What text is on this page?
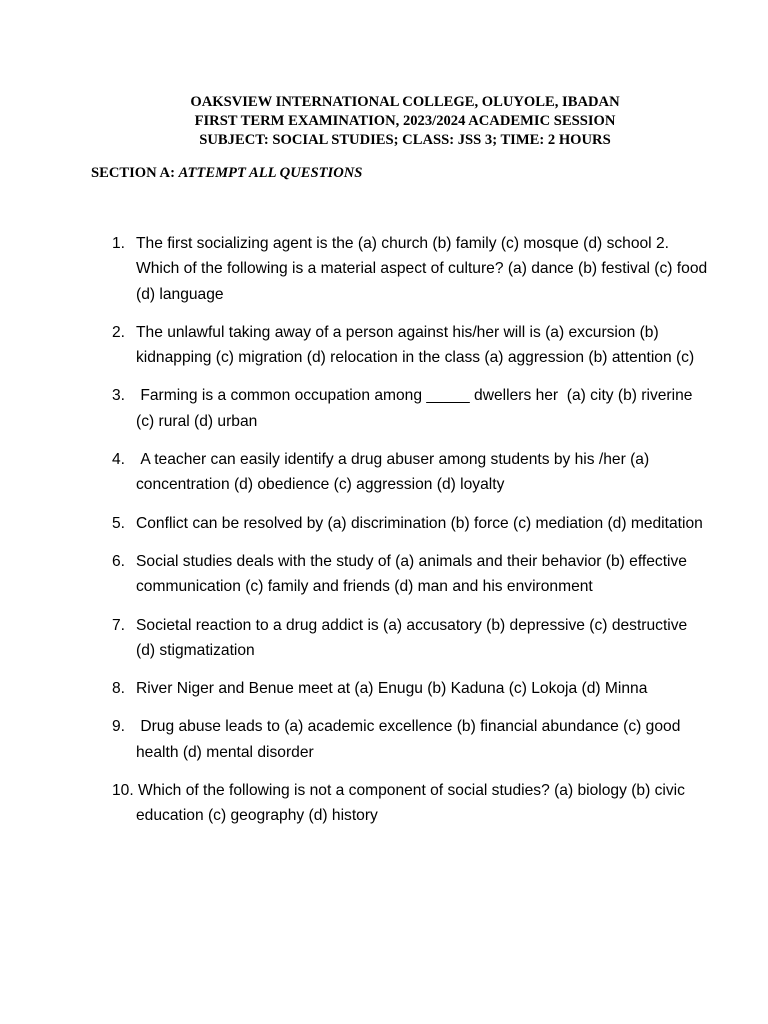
OAKSVIEW INTERNATIONAL COLLEGE, OLUYOLE, IBADAN
FIRST TERM EXAMINATION, 2023/2024 ACADEMIC SESSION
SUBJECT: SOCIAL STUDIES; CLASS: JSS 3; TIME: 2 HOURS
SECTION A: ATTEMPT ALL QUESTIONS
1. The first socializing agent is the (a) church (b) family (c) mosque (d) school 2. Which of the following is a material aspect of culture? (a) dance (b) festival (c) food (d) language
2. The unlawful taking away of a person against his/her will is (a) excursion (b) kidnapping (c) migration (d) relocation in the class (a) aggression (b) attention (c)
3. Farming is a common occupation among _____ dwellers her  (a) city (b) riverine (c) rural (d) urban
4. A teacher can easily identify a drug abuser among students by his /her (a) concentration (d) obedience (c) aggression (d) loyalty
5. Conflict can be resolved by (a) discrimination (b) force (c) mediation (d) meditation
6. Social studies deals with the study of (a) animals and their behavior (b) effective communication (c) family and friends (d) man and his environment
7. Societal reaction to a drug addict is (a) accusatory (b) depressive (c) destructive (d) stigmatization
8. River Niger and Benue meet at (a) Enugu (b) Kaduna (c) Lokoja (d) Minna
9. Drug abuse leads to (a) academic excellence (b) financial abundance (c) good health (d) mental disorder
10. Which of the following is not a component of social studies? (a) biology (b) civic education (c) geography (d) history
